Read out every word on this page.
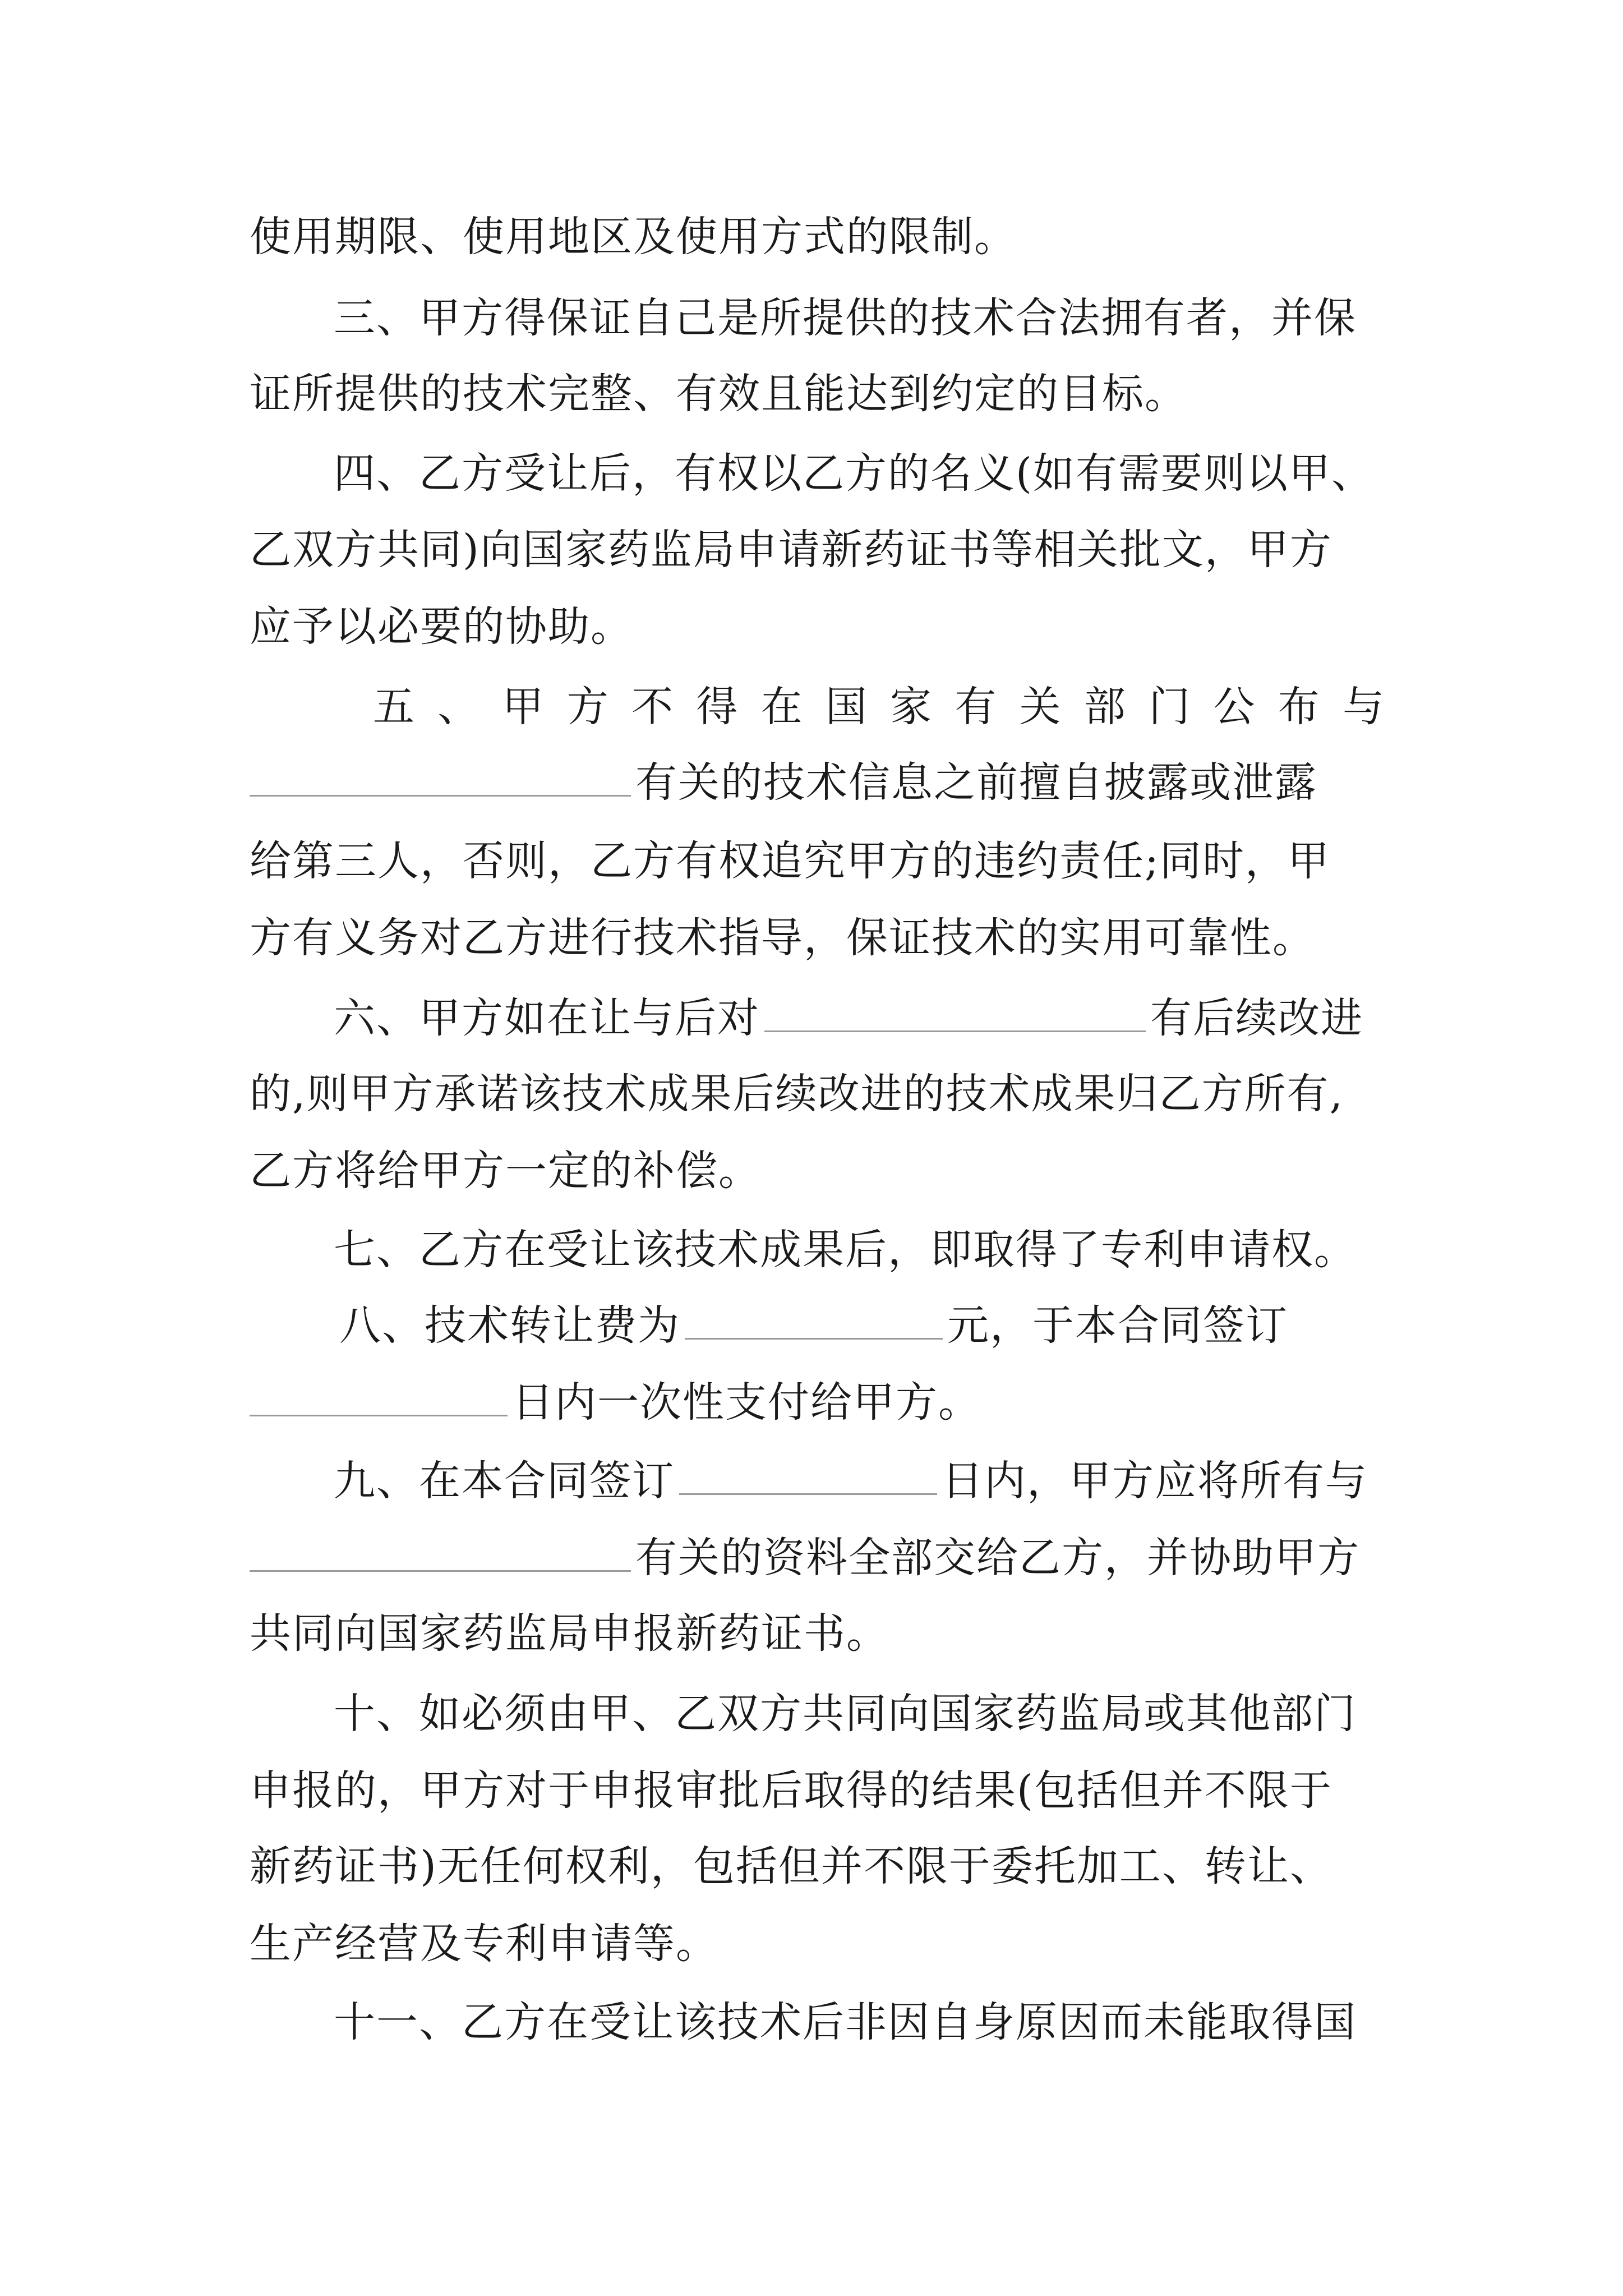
使用期限、使用地区及使用方式的限制。
三、甲方得保证自己是所提供的技术合法拥有者，并保
证所提供的技术完整、有效且能达到约定的目标。
四、乙方受让后，有权以乙方的名义(如有需要则以甲、
乙双方共同)向国家药监局申请新药证书等相关批文，甲方
应予以必要的协助。
五 、 甲 方 不 得 在 国 家 有 关 部 门 公 布 与
有关的技术信息之前擅自披露或泄露
给第三人，否则，乙方有权追究甲方的违约责任;同时，甲
方有义务对乙方进行技术指导，保证技术的实用可靠性。
六、甲方如在让与后对	有后续改进
的,则甲方承诺该技术成果后续改进的技术成果归乙方所有,
乙方将给甲方一定的补偿。
七、乙方在受让该技术成果后，即取得了专利申请权。
八、技术转让费为	元，于本合同签订
日内一次性支付给甲方。
九、在本合同签订	日内，甲方应将所有与
有关的资料全部交给乙方，并协助甲方
共同向国家药监局申报新药证书。
十、如必须由甲、乙双方共同向国家药监局或其他部门
申报的，甲方对于申报审批后取得的结果(包括但并不限于
新药证书)无任何权利，包括但并不限于委托加工、转让、
生产经营及专利申请等。
十一、乙方在受让该技术后非因自身原因而未能取得国
